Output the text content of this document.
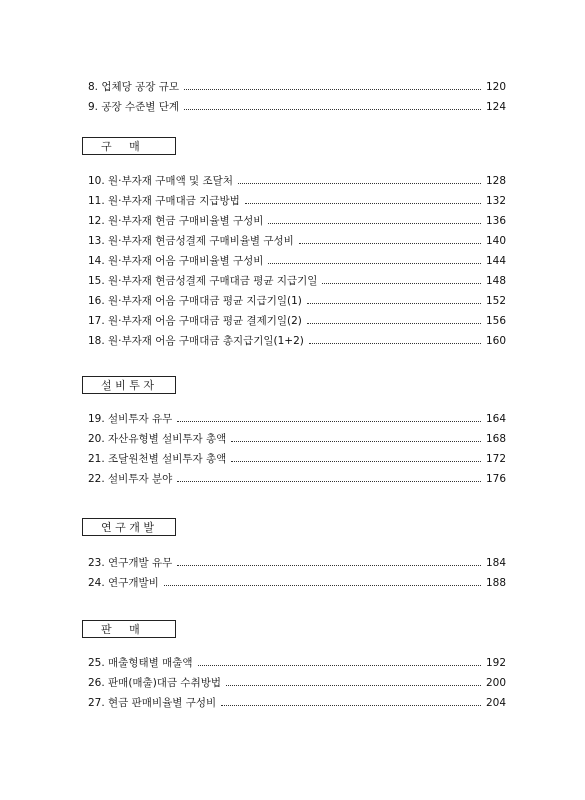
8. 업체당 공장 규모	120
9. 공장 수준별 단계	124
구     매
10. 원·부자재 구매액 및 조달처	128
11. 원·부자재 구매대금 지급방법	132
12. 원·부자재 현금 구매비율별 구성비	136
13. 원·부자재 현금성결제 구매비율별 구성비	140
14. 원·부자재 어음 구매비율별 구성비	144
15. 원·부자재 현금성결제 구매대금 평균 지급기일	148
16. 원·부자재 어음 구매대금 평균 지급기일(1)	152
17. 원·부자재 어음 구매대금 평균 결제기일(2)	156
18. 원·부자재 어음 구매대금 총지급기일(1+2)	160
설 비 투 자
19. 설비투자 유무	164
20. 자산유형별 설비투자 총액	168
21. 조달원천별 설비투자 총액	172
22. 설비투자 분야	176
연 구 개 발
23. 연구개발 유무	184
24. 연구개발비	188
판     매
25. 매출형태별 매출액	192
26. 판매(매출)대금 수취방법	200
27. 현금 판매비율별 구성비	204
